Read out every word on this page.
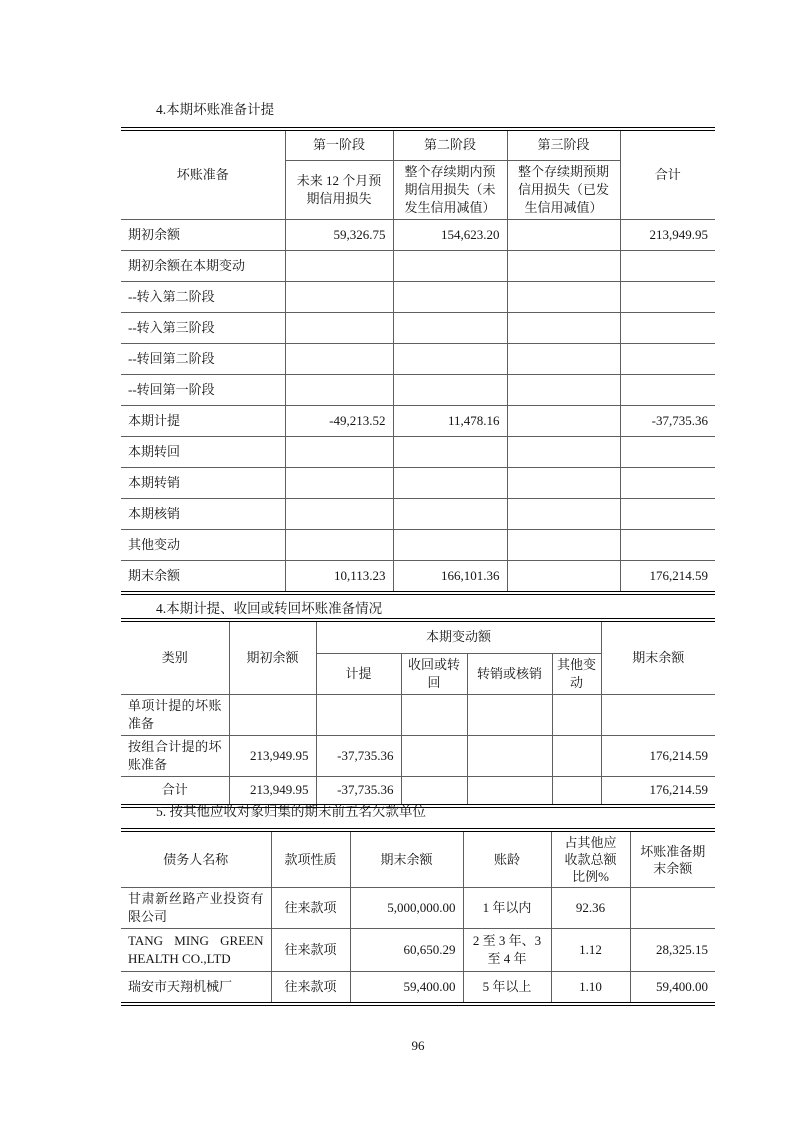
4.本期坏账准备计提
坏账准备	第一阶段	第二阶段	第三阶段	合计
	未来 12 个月预期信用损失	整个存续期内预期信用损失（未发生信用减值）	整个存续期预期信用损失（已发生信用减值）	
期初余额	59,326.75	154,623.20		213,949.95
期初余额在本期变动				
--转入第二阶段				
--转入第三阶段				
--转回第二阶段				
--转回第一阶段				
本期计提	-49,213.52	11,478.16		-37,735.36
本期转回				
本期转销				
本期核销				
其他变动				
期末余额	10,113.23	166,101.36		176,214.59
4.本期计提、收回或转回坏账准备情况
类别	期初余额	本期变动额				期末余额
		计提	收回或转回	转销或核销	其他变动	
单项计提的坏账准备						
按组合计提的坏账准备	213,949.95	-37,735.36				176,214.59
合计	213,949.95	-37,735.36				176,214.59
5. 按其他应收对象归集的期末前五名欠款单位
债务人名称	款项性质	期末余额	账龄	占其他应收款总额比例%	坏账准备期末余额
甘肃新丝路产业投资有限公司	往来款项	5,000,000.00	1 年以内	92.36	
TANG MING GREEN HEALTH CO.,LTD	往来款项	60,650.29	2 至 3 年、3 至 4 年	1.12	28,325.15
瑞安市天翔机械厂	往来款项	59,400.00	5 年以上	1.10	59,400.00
96
